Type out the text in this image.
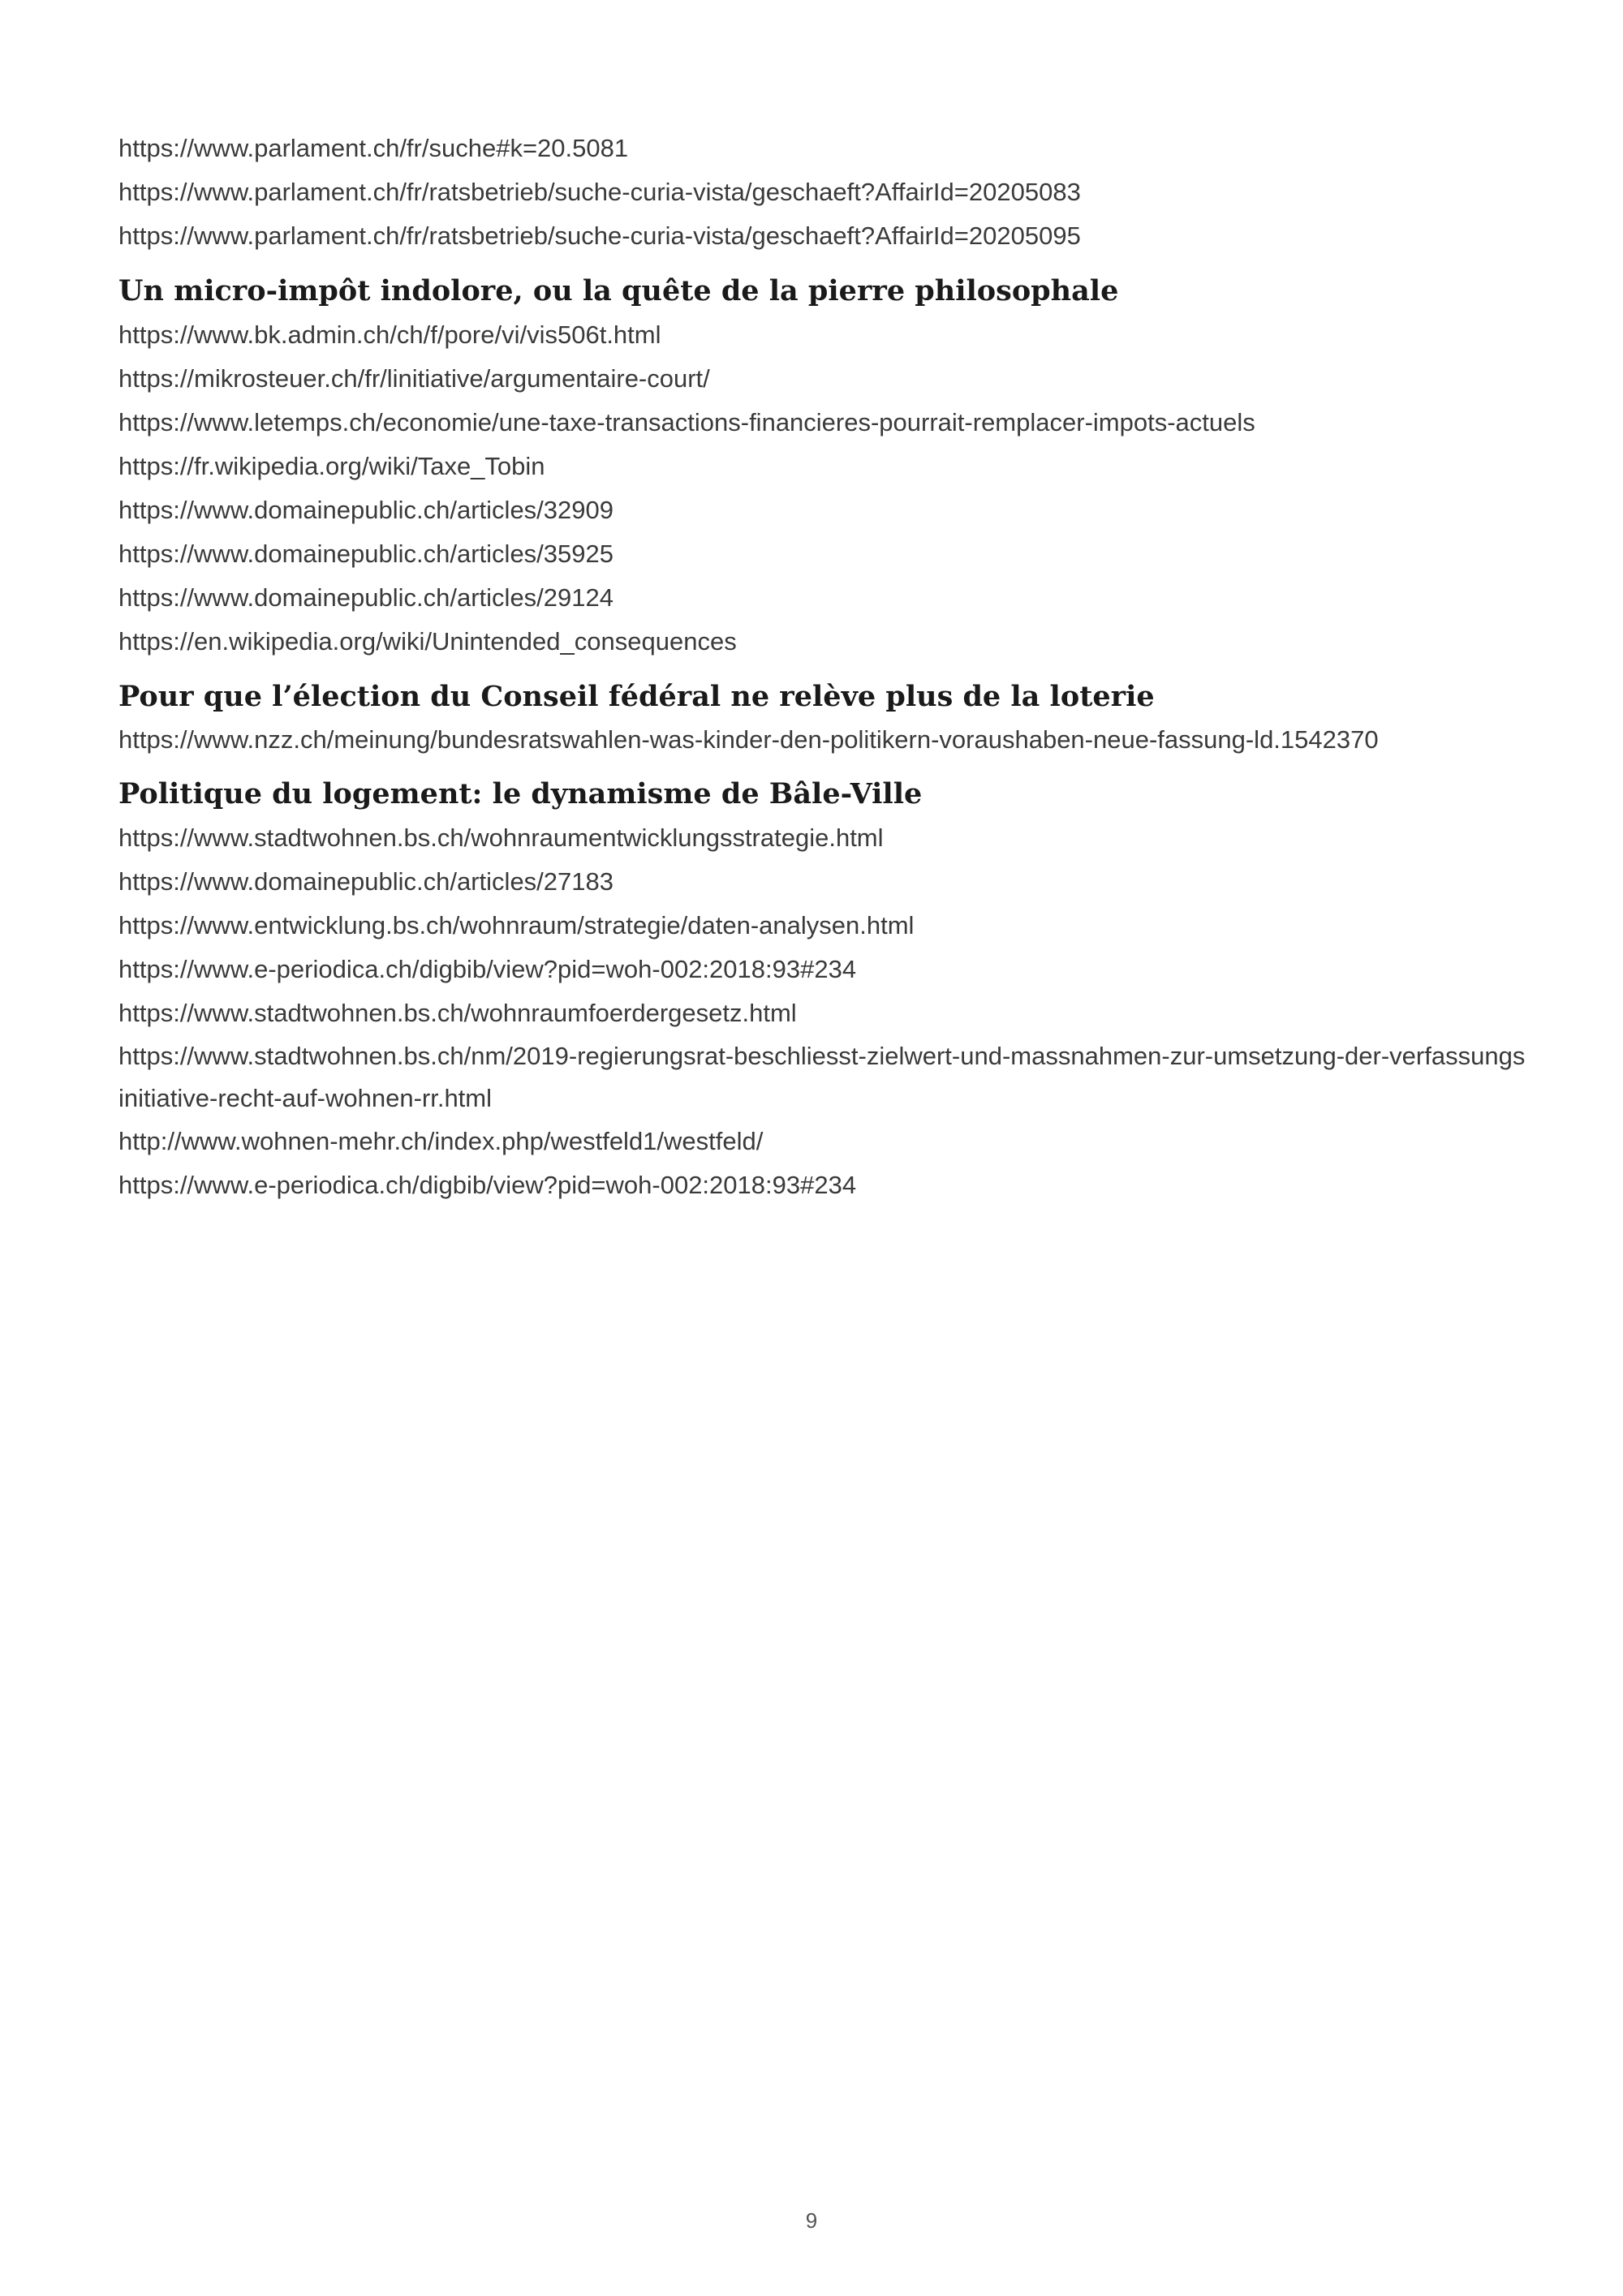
https://www.parlament.ch/fr/suche#k=20.5081

https://www.parlament.ch/fr/ratsbetrieb/suche-curia-vista/geschaeft?AffairId=20205083

https://www.parlament.ch/fr/ratsbetrieb/suche-curia-vista/geschaeft?AffairId=20205095

Un micro-impôt indolore, ou la quête de la pierre philosophale

https://www.bk.admin.ch/ch/f/pore/vi/vis506t.html

https://mikrosteuer.ch/fr/linitiative/argumentaire-court/

https://www.letemps.ch/economie/une-taxe-transactions-financieres-pourrait-remplacer-impots-actuels

https://fr.wikipedia.org/wiki/Taxe_Tobin

https://www.domainepublic.ch/articles/32909

https://www.domainepublic.ch/articles/35925

https://www.domainepublic.ch/articles/29124

https://en.wikipedia.org/wiki/Unintended_consequences

Pour que l’élection du Conseil fédéral ne relève plus de la loterie

https://www.nzz.ch/meinung/bundesratswahlen-was-kinder-den-politikern-voraushaben-neue-fassung-ld.1542370

Politique du logement: le dynamisme de Bâle-Ville

https://www.stadtwohnen.bs.ch/wohnraumentwicklungsstrategie.html

https://www.domainepublic.ch/articles/27183

https://www.entwicklung.bs.ch/wohnraum/strategie/daten-analysen.html

https://www.e-periodica.ch/digbib/view?pid=woh-002:2018:93#234

https://www.stadtwohnen.bs.ch/wohnraumfoerdergesetz.html

https://www.stadtwohnen.bs.ch/nm/2019-regierungsrat-beschliesst-zielwert-und-massnahmen-zur-umsetzung-der-verfassungsinitiative-recht-auf-wohnen-rr.html

http://www.wohnen-mehr.ch/index.php/westfeld1/westfeld/

https://www.e-periodica.ch/digbib/view?pid=woh-002:2018:93#234

9
